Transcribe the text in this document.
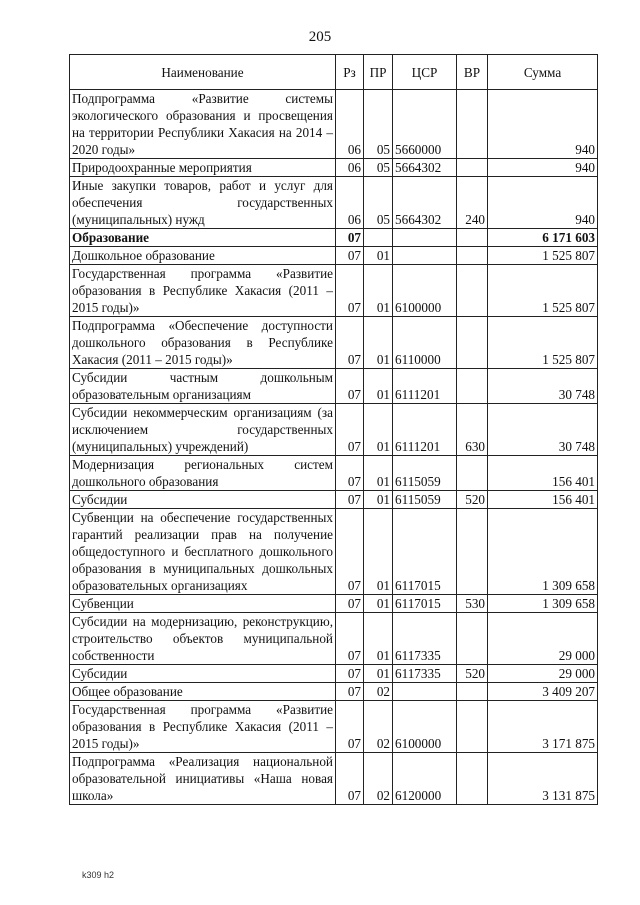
205
Наименование	Рз	ПР	ЦСР	ВР	Сумма
Подпрограмма «Развитие системы экологического образования и просвещения на территории Республики Хакасия на 2014 – 2020 годы»	06	05	5660000		940
Природоохранные мероприятия	06	05	5664302		940
Иные закупки товаров, работ и услуг для обеспечения государственных (муниципальных) нужд	06	05	5664302	240	940
Образование	07				6 171 603
Дошкольное образование	07	01			1 525 807
Государственная программа «Развитие образования в Республике Хакасия (2011 – 2015 годы)»	07	01	6100000		1 525 807
Подпрограмма «Обеспечение доступности дошкольного образования в Республике Хакасия (2011 – 2015 годы)»	07	01	6110000		1 525 807
Субсидии частным дошкольным образовательным организациям	07	01	6111201		30 748
Субсидии некоммерческим организациям (за исключением государственных (муниципальных) учреждений)	07	01	6111201	630	30 748
Модернизация региональных систем дошкольного образования	07	01	6115059		156 401
Субсидии	07	01	6115059	520	156 401
Субвенции на обеспечение государственных гарантий реализации прав на получение общедоступного и бесплатного дошкольного образования в муниципальных дошкольных образовательных организациях	07	01	6117015		1 309 658
Субвенции	07	01	6117015	530	1 309 658
Субсидии на модернизацию, реконструкцию, строительство объектов муниципальной собственности	07	01	6117335		29 000
Субсидии	07	01	6117335	520	29 000
Общее образование	07	02			3 409 207
Государственная программа «Развитие образования в Республике Хакасия (2011 – 2015 годы)»	07	02	6100000		3 171 875
Подпрограмма «Реализация национальной образовательной инициативы «Наша новая школа»	07	02	6120000		3 131 875
k309 h2
